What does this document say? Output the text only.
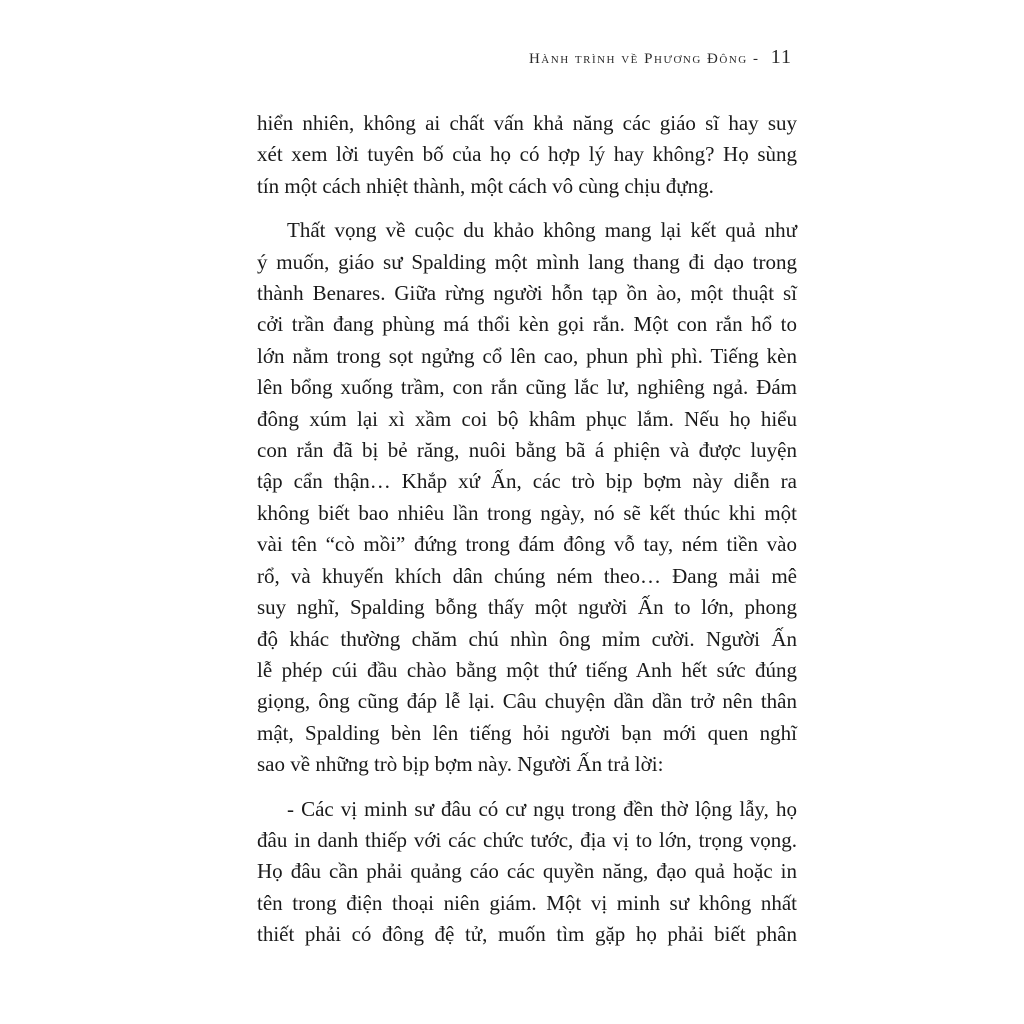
Hành trình về Phương Đông - 11

hiển nhiên, không ai chất vấn khả năng các giáo sĩ hay suy
xét xem lời tuyên bố của họ có hợp lý hay không? Họ sùng
tín một cách nhiệt thành, một cách vô cùng chịu đựng.

Thất vọng về cuộc du khảo không mang lại kết quả như
ý muốn, giáo sư Spalding một mình lang thang đi dạo trong
thành Benares. Giữa rừng người hỗn tạp ồn ào, một thuật sĩ
cởi trần đang phùng má thổi kèn gọi rắn. Một con rắn hổ to
lớn nằm trong sọt ngửng cổ lên cao, phun phì phì. Tiếng kèn
lên bổng xuống trầm, con rắn cũng lắc lư, nghiêng ngả. Đám
đông xúm lại xì xầm coi bộ khâm phục lắm. Nếu họ hiểu
con rắn đã bị bẻ răng, nuôi bằng bã á phiện và được luyện
tập cẩn thận… Khắp xứ Ấn, các trò bịp bợm này diễn ra
không biết bao nhiêu lần trong ngày, nó sẽ kết thúc khi một
vài tên “cò mồi” đứng trong đám đông vỗ tay, ném tiền vào
rổ, và khuyến khích dân chúng ném theo… Đang mải mê
suy nghĩ, Spalding bỗng thấy một người Ấn to lớn, phong
độ khác thường chăm chú nhìn ông mỉm cười. Người Ấn
lễ phép cúi đầu chào bằng một thứ tiếng Anh hết sức đúng
giọng, ông cũng đáp lễ lại. Câu chuyện dần dần trở nên thân
mật, Spalding bèn lên tiếng hỏi người bạn mới quen nghĩ
sao về những trò bịp bợm này. Người Ấn trả lời:

- Các vị minh sư đâu có cư ngụ trong đền thờ lộng lẫy, họ
đâu in danh thiếp với các chức tước, địa vị to lớn, trọng vọng.
Họ đâu cần phải quảng cáo các quyền năng, đạo quả hoặc in
tên trong điện thoại niên giám. Một vị minh sư không nhất
thiết phải có đông đệ tử, muốn tìm gặp họ phải biết phân
